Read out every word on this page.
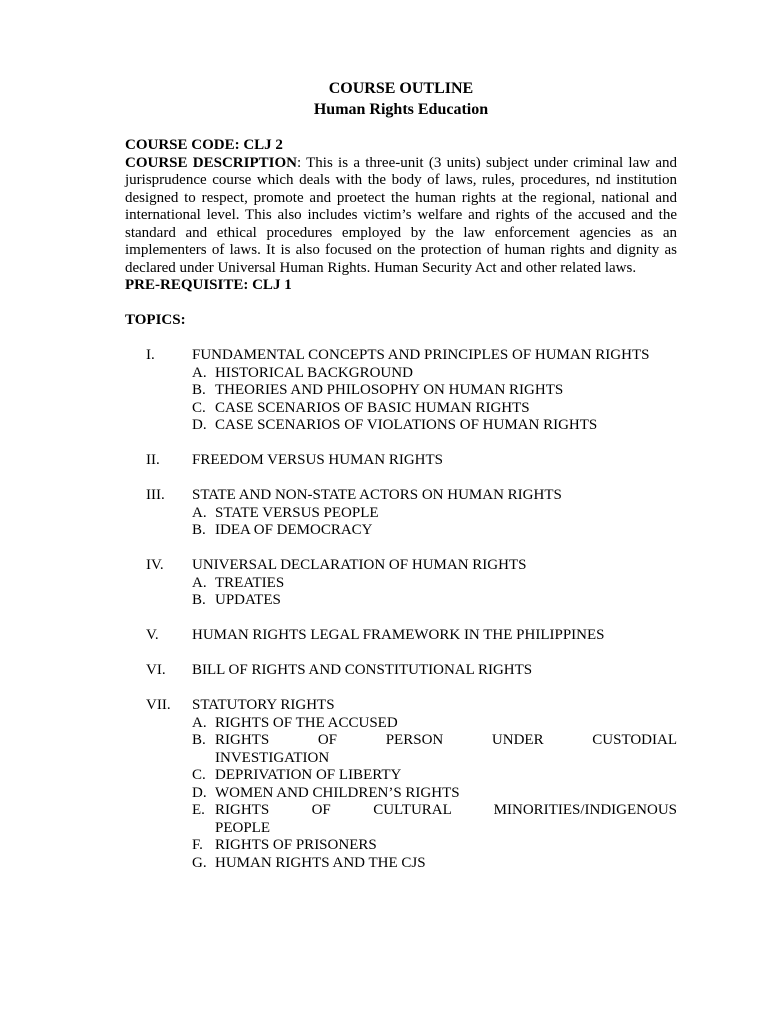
COURSE OUTLINE
Human Rights Education
COURSE CODE: CLJ 2
COURSE DESCRIPTION: This is a three-unit (3 units) subject under criminal law and jurisprudence course which deals with the body of laws, rules, procedures, nd institution designed to respect, promote and proetect the human rights at the regional, national and international level. This also includes victim’s welfare and rights of the accused and the standard and ethical procedures employed by the law enforcement agencies as an implementers of laws. It is also focused on the protection of human rights and dignity as declared under Universal Human Rights. Human Security Act and other related laws.
PRE-REQUISITE: CLJ 1
TOPICS:
I. FUNDAMENTAL CONCEPTS AND PRINCIPLES OF HUMAN RIGHTS
A. HISTORICAL BACKGROUND
B. THEORIES AND PHILOSOPHY ON HUMAN RIGHTS
C. CASE SCENARIOS OF BASIC HUMAN RIGHTS
D. CASE SCENARIOS OF VIOLATIONS OF HUMAN RIGHTS
II. FREEDOM VERSUS HUMAN RIGHTS
III. STATE AND NON-STATE ACTORS ON HUMAN RIGHTS
A. STATE VERSUS PEOPLE
B. IDEA OF DEMOCRACY
IV. UNIVERSAL DECLARATION OF HUMAN RIGHTS
A. TREATIES
B. UPDATES
V. HUMAN RIGHTS LEGAL FRAMEWORK IN THE PHILIPPINES
VI. BILL OF RIGHTS AND CONSTITUTIONAL RIGHTS
VII. STATUTORY RIGHTS
A. RIGHTS OF THE ACCUSED
B. RIGHTS OF PERSON UNDER CUSTODIAL
INVESTIGATION
C. DEPRIVATION OF LIBERTY
D. WOMEN AND CHILDREN’S RIGHTS
E. RIGHTS OF CULTURAL MINORITIES/INDIGENOUS
PEOPLE
F. RIGHTS OF PRISONERS
G. HUMAN RIGHTS AND THE CJS
